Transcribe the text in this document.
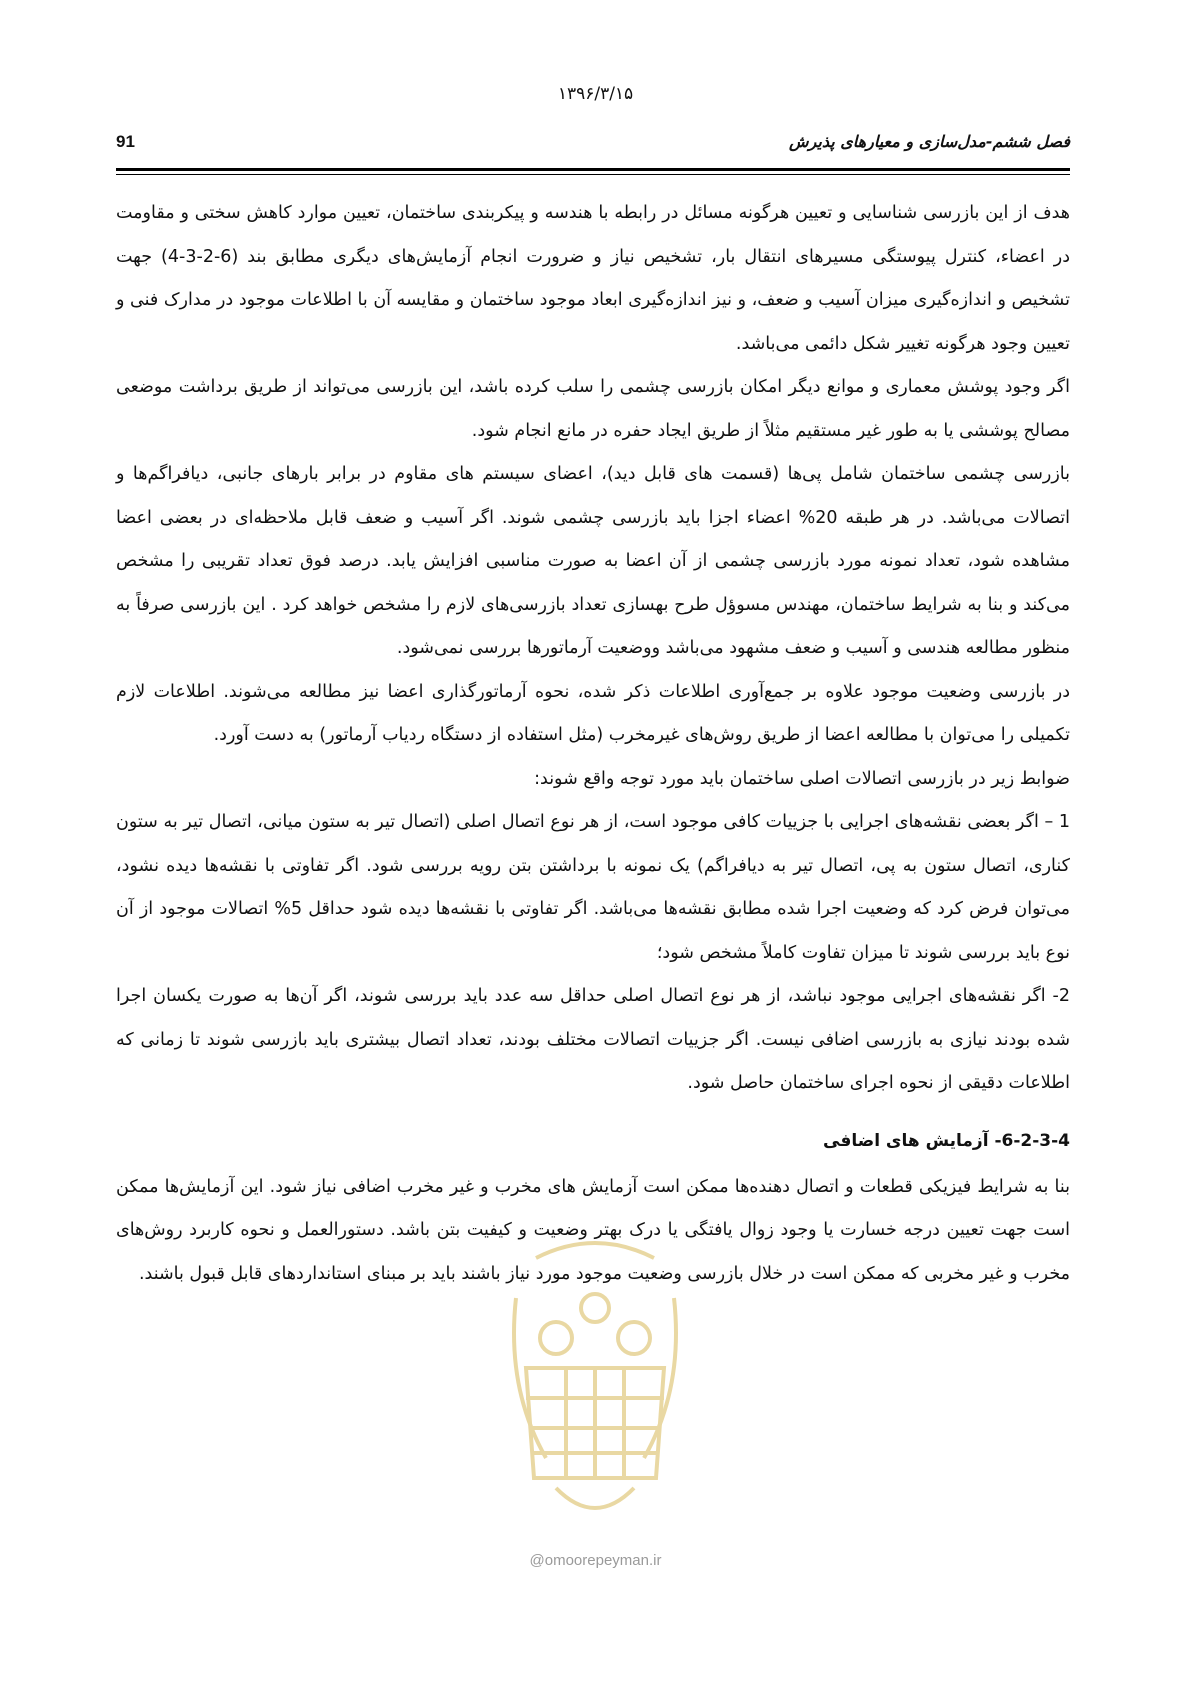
۱۳۹۶/۳/۱۵
91	فصل ششم-مدل‌سازی و معیارهای پذیرش

هدف از این بازرسی شناسایی و تعیین هرگونه مسائل در رابطه با هندسه و پیکربندی ساختمان، تعیین موارد کاهش سختی و مقاومت در اعضاء، کنترل پیوستگی مسیرهای انتقال بار، تشخیص نیاز و ضرورت انجام آزمایش‌های دیگری مطابق بند (6-2-3-4) جهت تشخیص و اندازه‌گیری میزان آسیب و ضعف، و نیز اندازه‌گیری ابعاد موجود ساختمان و مقایسه آن با اطلاعات موجود در مدارک فنی و تعیین وجود هرگونه تغییر شکل دائمی می‌باشد.

اگر وجود پوشش معماری و موانع دیگر امکان بازرسی چشمی را سلب کرده باشد، این بازرسی می‌تواند از طریق برداشت موضعی مصالح پوششی یا به طور غیر مستقیم مثلاً از طریق ایجاد حفره در مانع انجام شود.

بازرسی چشمی ساختمان شامل پی‌ها (قسمت های قابل دید)، اعضای سیستم های مقاوم در برابر بارهای جانبی، دیافراگم‌ها و اتصالات می‌باشد. در هر طبقه 20% اعضاء اجزا باید بازرسی چشمی شوند. اگر آسیب و ضعف قابل ملاحظه‌ای در بعضی اعضا مشاهده شود، تعداد نمونه مورد بازرسی چشمی از آن اعضا به صورت مناسبی افزایش یابد. درصد فوق تعداد تقریبی را مشخص می‌کند و بنا به شرایط ساختمان، مهندس مسوؤل طرح بهسازی تعداد بازرسی‌های لازم را مشخص خواهد کرد . این بازرسی صرفاً به منظور مطالعه هندسی و آسیب و ضعف مشهود می‌باشد ووضعیت آرماتورها بررسی نمی‌شود.

در بازرسی وضعیت موجود علاوه بر جمع‌آوری اطلاعات ذکر شده، نحوه آرماتورگذاری اعضا نیز مطالعه می‌شوند. اطلاعات لازم تکمیلی را می‌توان با مطالعه اعضا از طریق روش‌های غیرمخرب (مثل استفاده از دستگاه ردیاب آرماتور) به دست آورد.

ضوابط زیر در بازرسی اتصالات اصلی ساختمان باید مورد توجه واقع شوند:

1 – اگر بعضی نقشه‌های اجرایی با جزییات کافی موجود است، از هر نوع اتصال اصلی (اتصال تیر به ستون میانی، اتصال تیر به ستون کناری، اتصال ستون به پی، اتصال تیر به دیافراگم) یک نمونه با برداشتن بتن رویه بررسی شود. اگر تفاوتی با نقشه‌ها دیده نشود، می‌توان فرض کرد که وضعیت اجرا شده مطابق نقشه‌ها می‌باشد. اگر تفاوتی با نقشه‌ها دیده شود حداقل 5% اتصالات موجود از آن نوع باید بررسی شوند تا میزان تفاوت کاملاً مشخص شود؛

2- اگر نقشه‌های اجرایی موجود نباشد، از هر نوع اتصال اصلی حداقل سه عدد باید بررسی شوند، اگر آن‌ها به صورت یکسان اجرا شده بودند نیازی به بازرسی اضافی نیست. اگر جزییات اتصالات مختلف بودند، تعداد اتصال بیشتری باید بازرسی شوند تا زمانی که اطلاعات دقیقی از نحوه اجرای ساختمان حاصل شود.

6-2-3-4- آزمایش های اضافی

بنا به شرایط فیزیکی قطعات و اتصال دهنده‌ها ممکن است آزمایش های مخرب و غیر مخرب اضافی نیاز شود. این آزمایش‌ها ممکن است جهت تعیین درجه خسارت یا وجود زوال یافتگی یا درک بهتر وضعیت و کیفیت بتن باشد. دستورالعمل و نحوه کاربرد روش‌های مخرب و غیر مخربی که ممکن است در خلال بازرسی وضعیت موجود مورد نیاز باشند باید بر مبنای استانداردهای قابل قبول باشند.

@omoorepeyman.ir
